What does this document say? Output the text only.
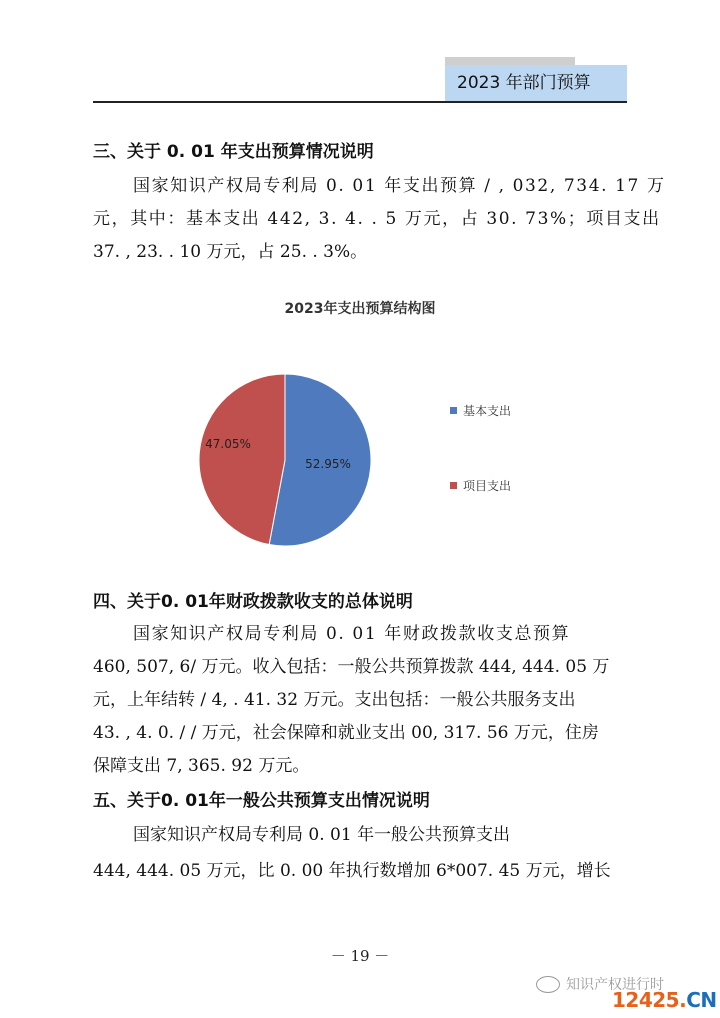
2023 年部门预算
三、关于 0. 01 年支出预算情况说明
国家知识产权局专利局 0. 01 年支出预算 / , 032, 734. 17 万
元，其中：基本支出 442, 3. 4. . 5 万元，占 30. 73%；项目支出
37. , 23. . 10 万元，占 25. . 3%。
2023年支出预算结构图
52.95%
47.05%
基本支出
项目支出
四、关于0. 01年财政拨款收支的总体说明
国家知识产权局专利局 0. 01 年财政拨款收支总预算
460, 507, 6/ 万元。收入包括：一般公共预算拨款 444, 444. 05 万
元，上年结转 / 4, . 41. 32 万元。支出包括：一般公共服务支出
43. , 4. 0. / / 万元，社会保障和就业支出 00, 317. 56 万元，住房
保障支出 7, 365. 92 万元。
五、关于0. 01年一般公共预算支出情况说明
国家知识产权局专利局 0. 01 年一般公共预算支出
444, 444. 05 万元，比 0. 00 年执行数增加 6*007. 45 万元，增长
－ 19 －
知识产权进行时
12425.CN
